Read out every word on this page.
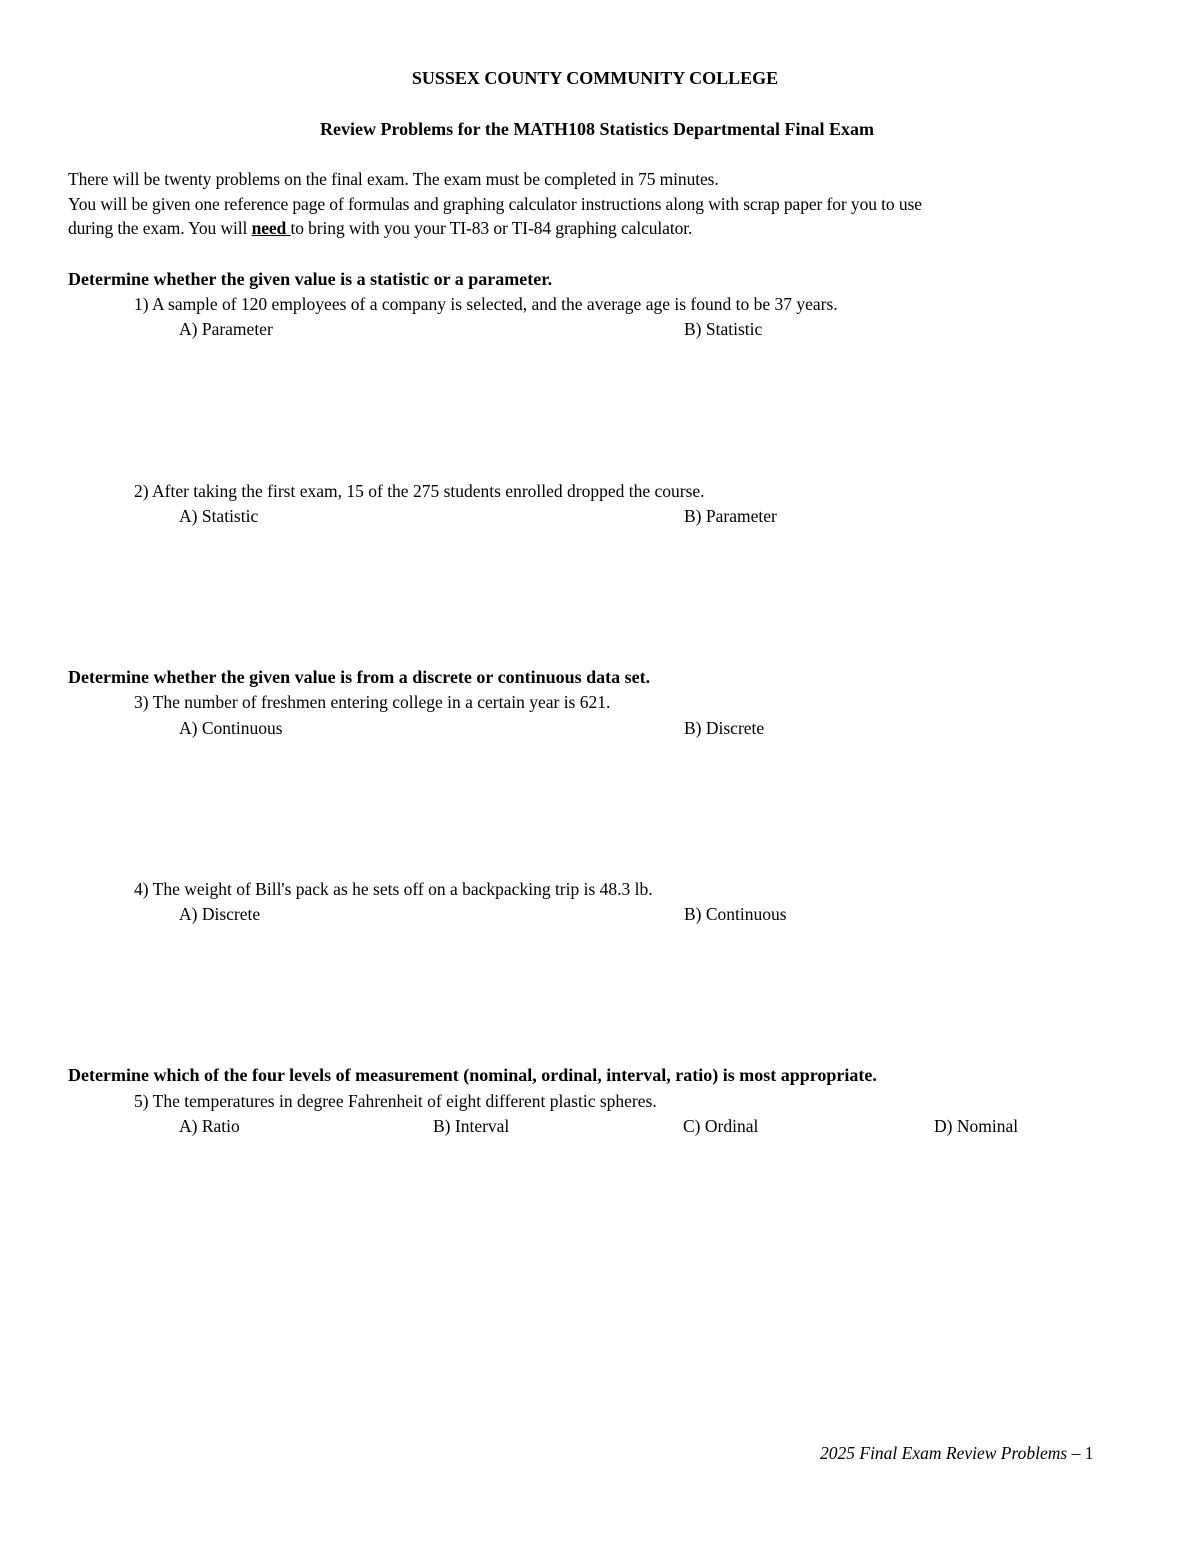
SUSSEX COUNTY COMMUNITY COLLEGE
Review Problems for the MATH108 Statistics Departmental Final Exam
There will be twenty problems on the final exam. The exam must be completed in 75 minutes.
You will be given one reference page of formulas and graphing calculator instructions along with scrap paper for you to use
during the exam. You will need to bring with you your TI-83 or TI-84 graphing calculator.
Determine whether the given value is a statistic or a parameter.
1) A sample of 120 employees of a company is selected, and the average age is found to be 37 years.
A) Parameter	B) Statistic
2) After taking the first exam, 15 of the 275 students enrolled dropped the course.
A) Statistic	B) Parameter
Determine whether the given value is from a discrete or continuous data set.
3) The number of freshmen entering college in a certain year is 621.
A) Continuous	B) Discrete
4) The weight of Bill's pack as he sets off on a backpacking trip is 48.3 lb.
A) Discrete	B) Continuous
Determine which of the four levels of measurement (nominal, ordinal, interval, ratio) is most appropriate.
5) The temperatures in degree Fahrenheit of eight different plastic spheres.
A) Ratio	B) Interval	C) Ordinal	D) Nominal
2025 Final Exam Review Problems – 1
